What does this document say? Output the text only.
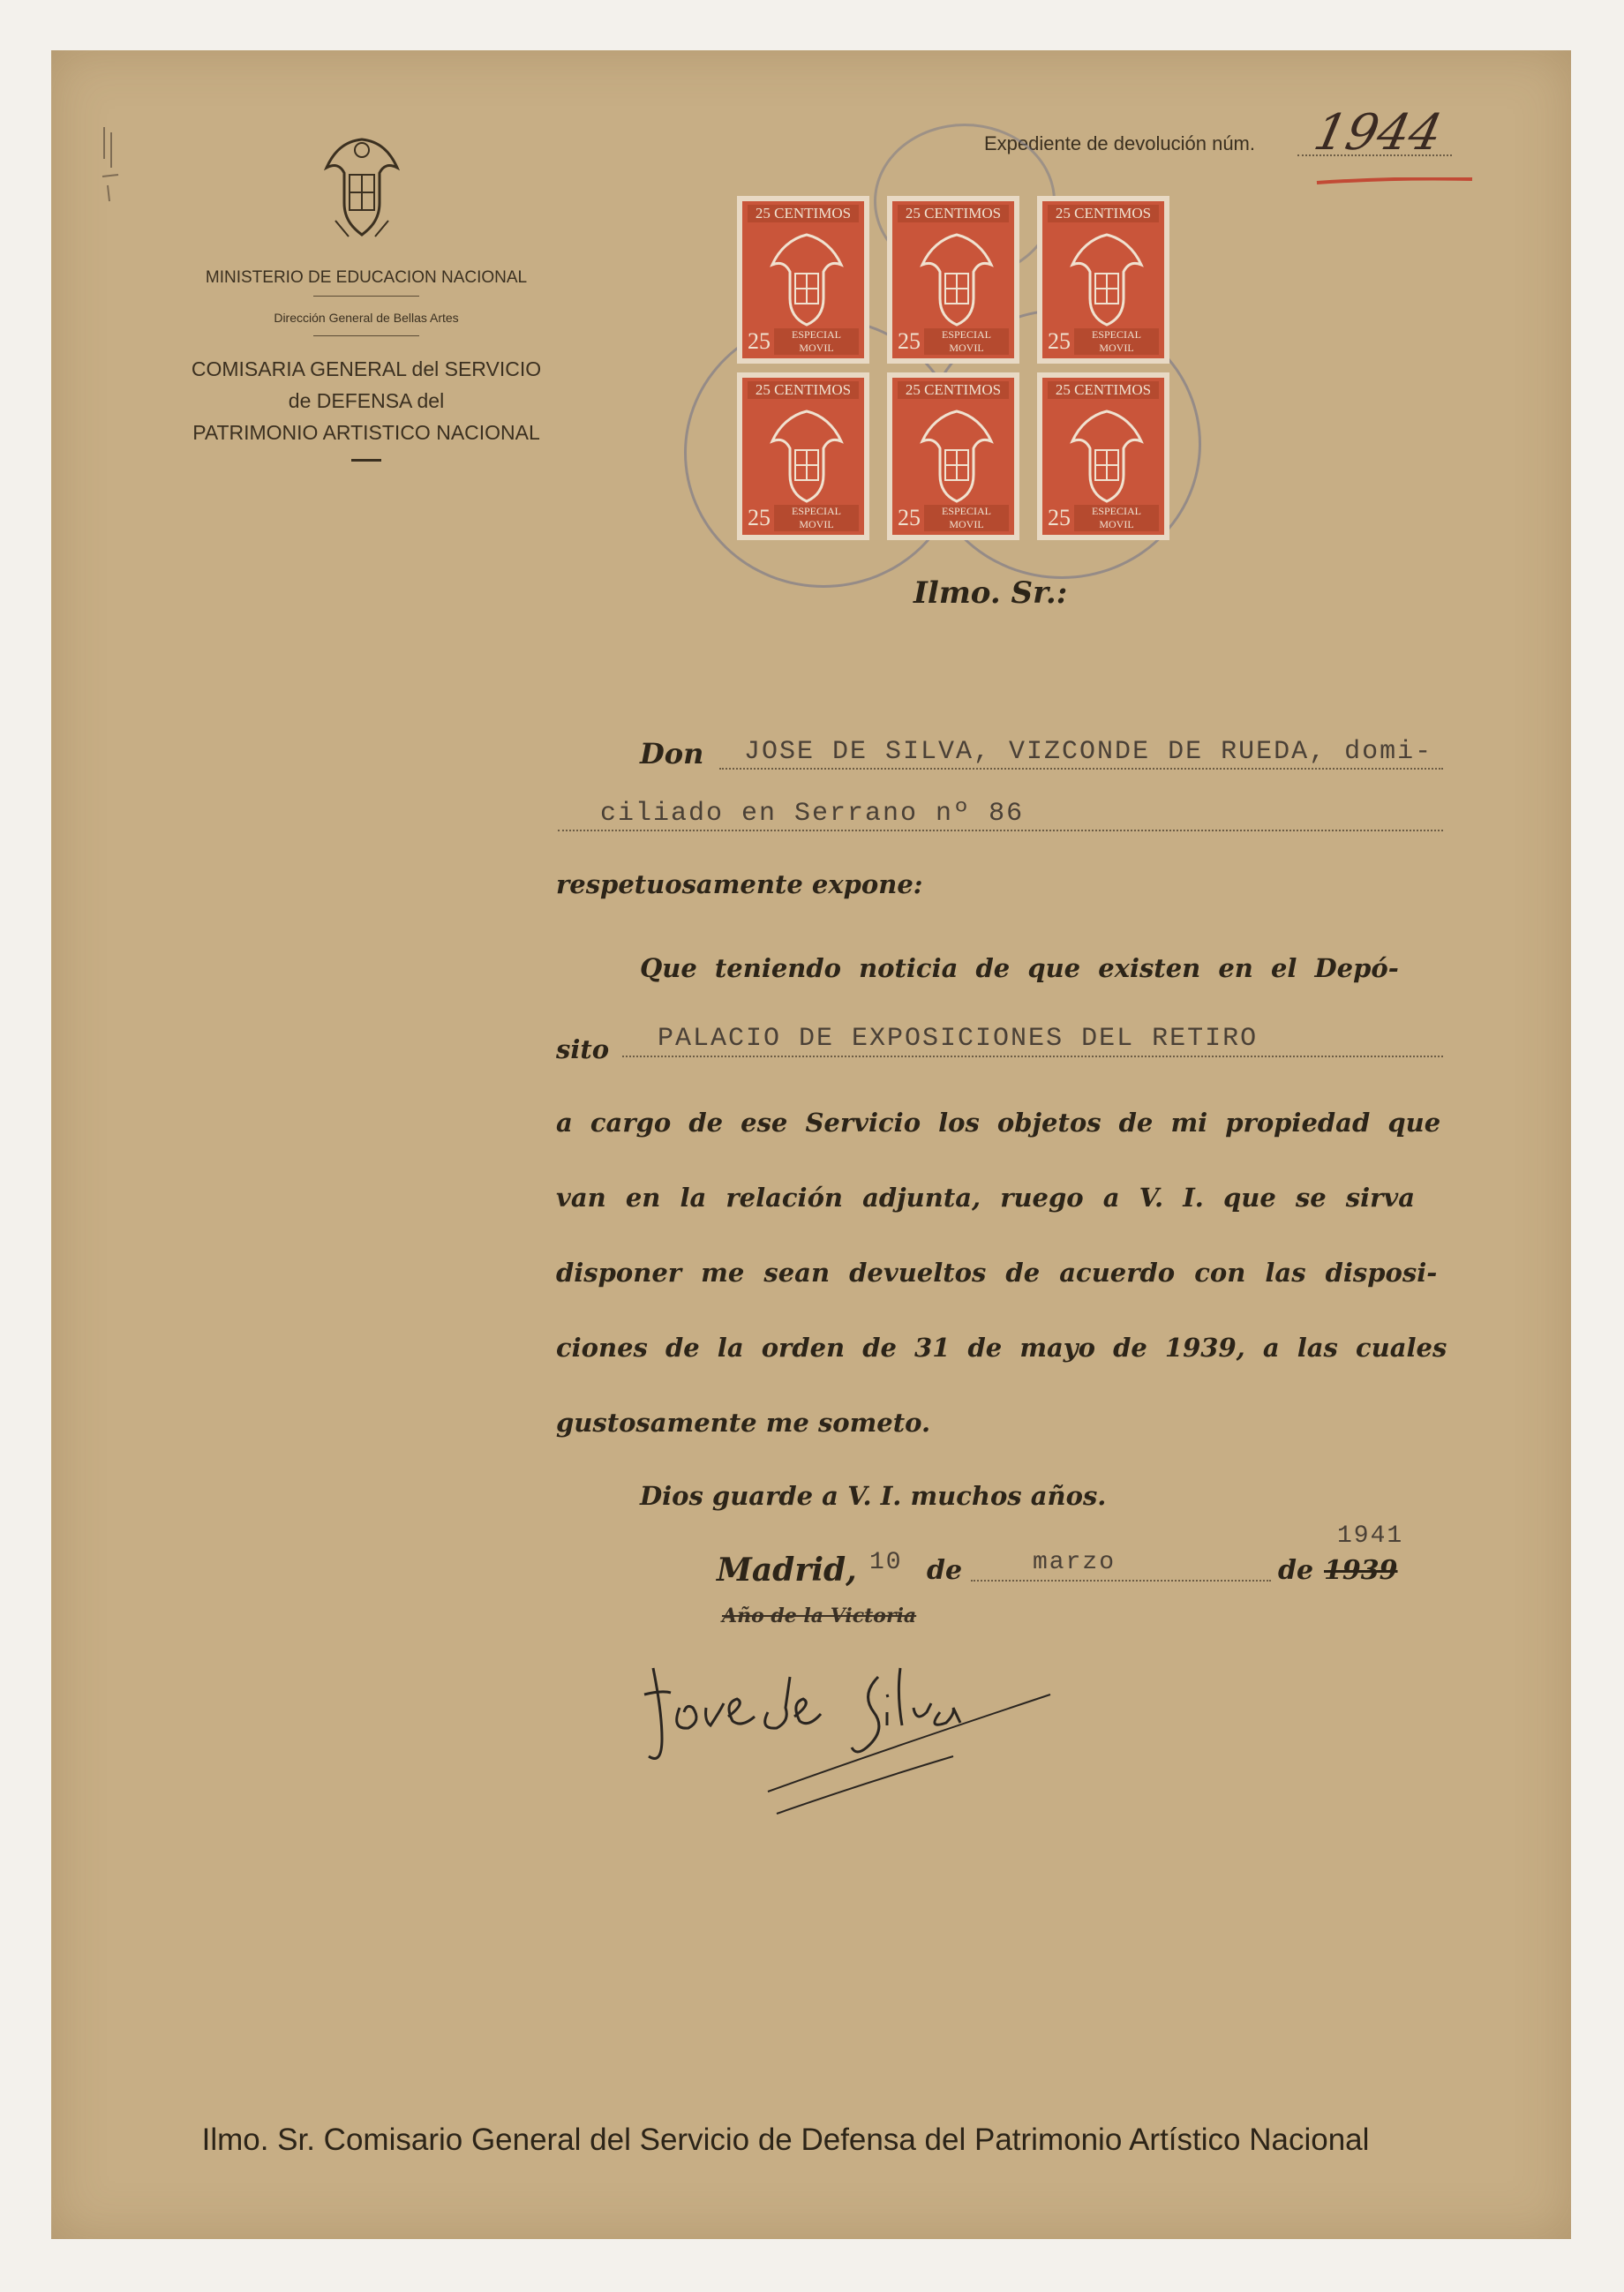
MINISTERIO DE EDUCACION NACIONAL
Dirección General de Bellas Artes
COMISARIA GENERAL del SERVICIO
de DEFENSA del
PATRIMONIO ARTISTICO NACIONAL
Expediente de devolución núm. 1944
25 CENTIMOS
25	ESPECIAL MOVIL
25 CENTIMOS
25	ESPECIAL MOVIL
25 CENTIMOS
25	ESPECIAL MOVIL
25 CENTIMOS
25	ESPECIAL MOVIL
25 CENTIMOS
25	ESPECIAL MOVIL
25 CENTIMOS
25	ESPECIAL MOVIL
Ilmo. Sr.:
Don JOSE DE SILVA, VIZCONDE DE RUEDA, domi-
ciliado en Serrano nº 86
respetuosamente expone:
Que teniendo noticia de que existen en el Depó-
sito PALACIO DE EXPOSICIONES DEL RETIRO
a cargo de ese Servicio los objetos de mi propiedad que
van en la relación adjunta, ruego a V. I. que se sirva
disponer me sean devueltos de acuerdo con las disposi-
ciones de la orden de 31 de mayo de 1939, a las cuales
gustosamente me someto.
Dios guarde a V. I. muchos años.
Madrid, 10 de	marzo	de 1939
1941
Año de la Victoria
Ilmo. Sr. Comisario General del Servicio de Defensa del Patrimonio Artístico Nacional
